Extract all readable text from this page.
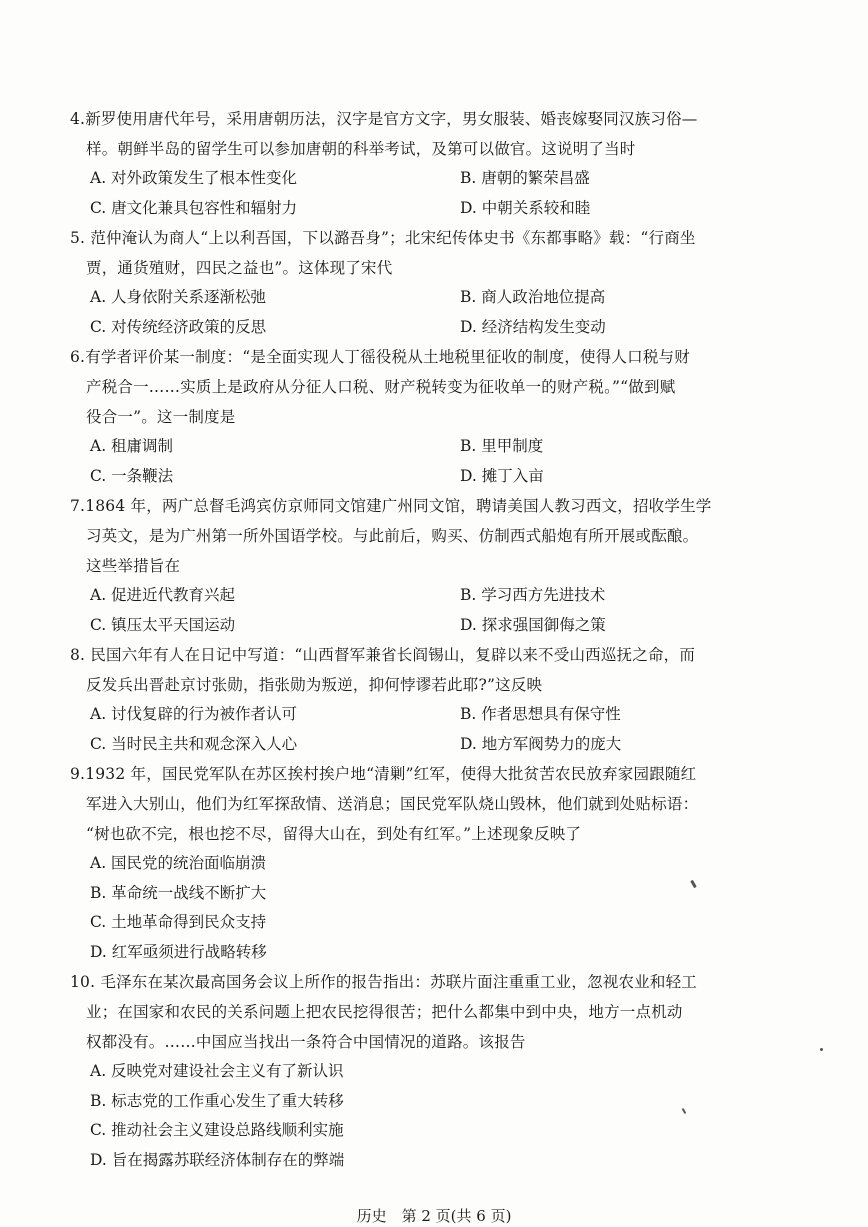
4.新罗使用唐代年号，采用唐朝历法，汉字是官方文字，男女服装、婚丧嫁娶同汉族习俗—
样。朝鲜半岛的留学生可以参加唐朝的科举考试，及第可以做官。这说明了当时
A. 对外政策发生了根本性变化	B. 唐朝的繁荣昌盛
C. 唐文化兼具包容性和辐射力	D. 中朝关系较和睦
5. 范仲淹认为商人“上以利吾国，下以潞吾身”；北宋纪传体史书《东都事略》载：“行商坐
贾，通货殖财，四民之益也”。这体现了宋代
A. 人身依附关系逐渐松弛	B. 商人政治地位提高
C. 对传统经济政策的反思	D. 经济结构发生变动
6.有学者评价某一制度：“是全面实现人丁徭役税从土地税里征收的制度，使得人口税与财
产税合一……实质上是政府从分征人口税、财产税转变为征收单一的财产税。”“做到赋
役合一”。这一制度是
A. 租庸调制	B. 里甲制度
C. 一条鞭法	D. 摊丁入亩
7.1864 年，两广总督毛鸿宾仿京师同文馆建广州同文馆，聘请美国人教习西文，招收学生学
习英文，是为广州第一所外国语学校。与此前后，购买、仿制西式船炮有所开展或酝酿。
这些举措旨在
A. 促进近代教育兴起	B. 学习西方先进技术
C. 镇压太平天国运动	D. 探求强国御侮之策
8. 民国六年有人在日记中写道：“山西督军兼省长阎锡山，复辟以来不受山西巡抚之命，而
反发兵出晋赴京讨张勋，指张勋为叛逆，抑何悖谬若此耶?”这反映
A. 讨伐复辟的行为被作者认可	B. 作者思想具有保守性
C. 当时民主共和观念深入人心	D. 地方军阀势力的庞大
9.1932 年，国民党军队在苏区挨村挨户地“清剿”红军，使得大批贫苦农民放弃家园跟随红
军进入大别山，他们为红军探敌情、送消息；国民党军队烧山毁林，他们就到处贴标语：
“树也砍不完，根也挖不尽，留得大山在，到处有红军。”上述现象反映了
A. 国民党的统治面临崩溃
B. 革命统一战线不断扩大
C. 土地革命得到民众支持
D. 红军亟须进行战略转移
10. 毛泽东在某次最高国务会议上所作的报告指出：苏联片面注重重工业，忽视农业和轻工
业；在国家和农民的关系问题上把农民挖得很苦；把什么都集中到中央，地方一点机动
权都没有。……中国应当找出一条符合中国情况的道路。该报告
A. 反映党对建设社会主义有了新认识
B. 标志党的工作重心发生了重大转移
C. 推动社会主义建设总路线顺利实施
D. 旨在揭露苏联经济体制存在的弊端
历史　第 2 页(共 6 页)
